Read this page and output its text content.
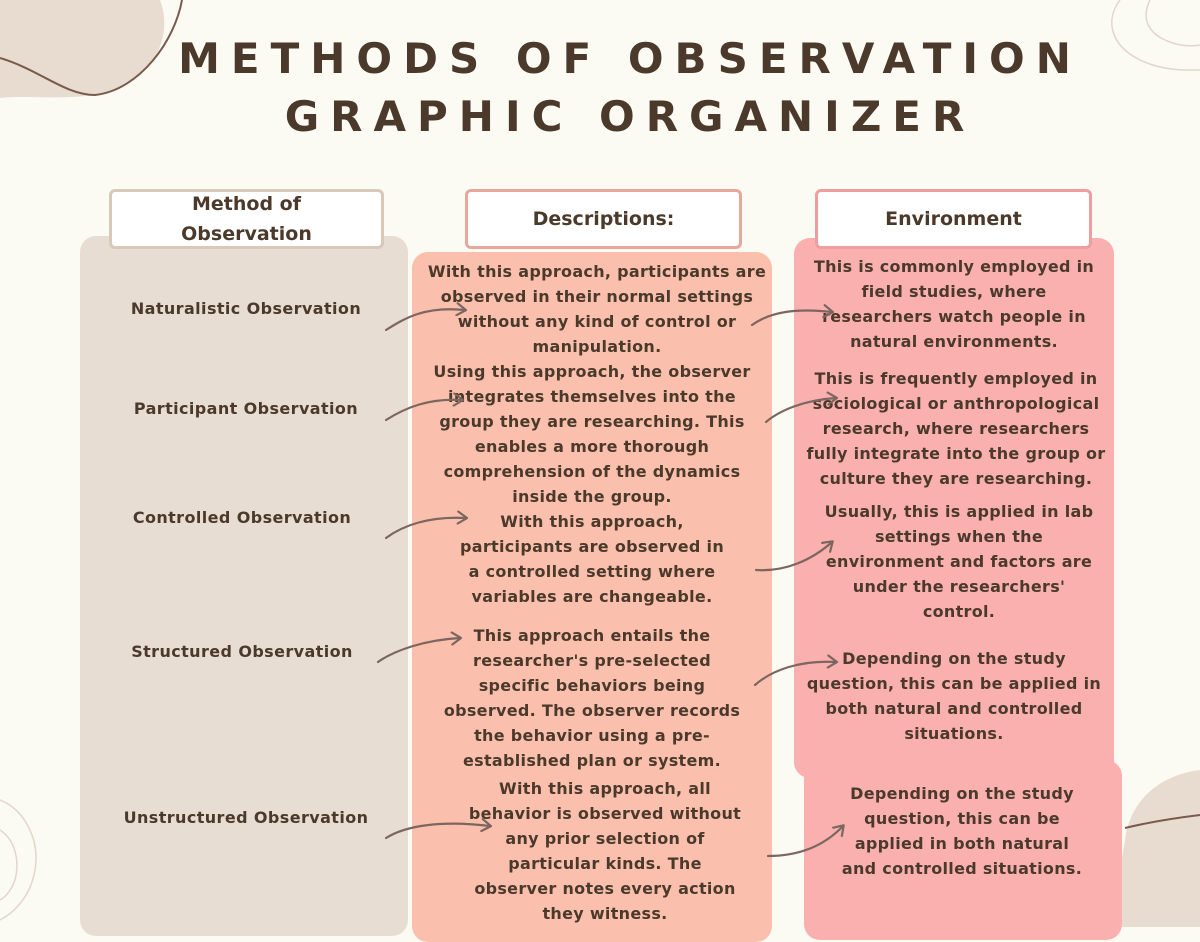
METHODS OF OBSERVATION
GRAPHIC ORGANIZER
Method of
Observation
Descriptions:	Environment
Naturalistic Observation
Participant Observation
Controlled Observation
Structured Observation
Unstructured Observation

With this approach, participants are observed in their normal settings without any kind of control or manipulation.

Using this approach, the observer integrates themselves into the group they are researching. This enables a more thorough comprehension of the dynamics inside the group.

With this approach, participants are observed in a controlled setting where variables are changeable.

This approach entails the researcher's pre-selected specific behaviors being observed. The observer records the behavior using a pre-established plan or system.

With this approach, all behavior is observed without any prior selection of particular kinds. The observer notes every action they witness.

This is commonly employed in field studies, where researchers watch people in natural environments.

This is frequently employed in sociological or anthropological research, where researchers fully integrate into the group or culture they are researching.

Usually, this is applied in lab settings when the environment and factors are under the researchers' control.

Depending on the study question, this can be applied in both natural and controlled situations.

Depending on the study question, this can be applied in both natural and controlled situations.
